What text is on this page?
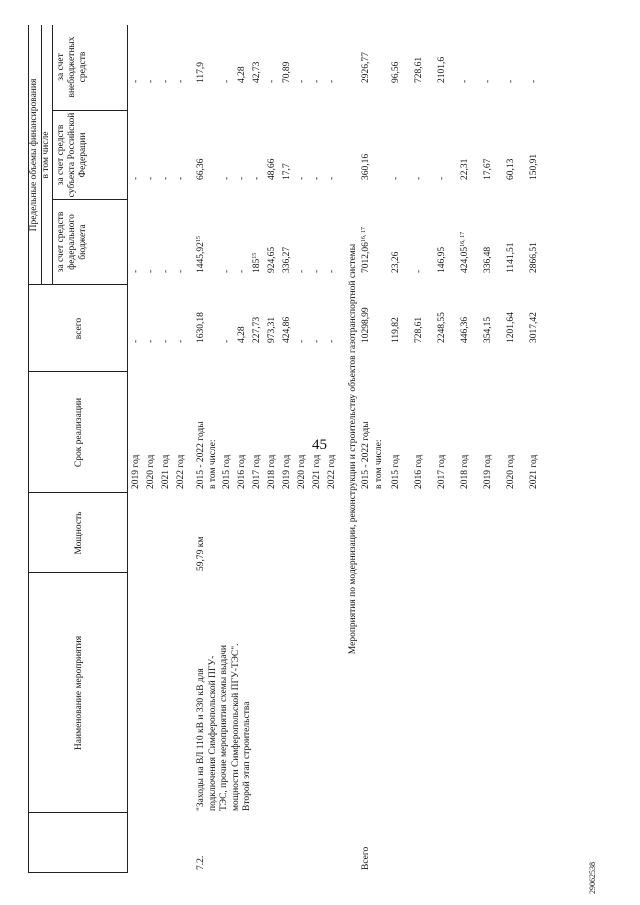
45
29062538
Наименование мероприятия
Мощность
Срок реализации
всего
Предельные объемы финансирования в том числе
за счет средств федерального бюджета
за счет средств субъекта Российской Федерации
за счет внебюджетных средств
2019 год
-
-
-
-
2020 год
-
-
-
-
2021 год
-
-
-
-
2022 год
-
-
-
-
7.2.
"Заходы на ВЛ 110 кВ и 330 кВ для подключения Симферопольской ПГУ- ТЭС, прочие мероприятия схемы выдачи мощности Симферопольской ПГУ-ТЭС". Второй этап строительства
59,79 км
2015 - 2022 годы
1630,18
1445,92$^{15}$
66,36
117,9
в том числе: 2015 год
-
-
-
-
2016 год
4,28
-
-
4,28
2017 год
227,73
$185^{15}$
-
42,73
2018 год
973,31
924,65
48,66
-
2019 год
424,86
336,27
17,7
70,89
2020 год
-
-
-
-
2021 год
-
-
-
-
2022 год
-
-
-
-
Мероприятия по модернизации, реконструкции и строительству объектов газотранспортной системы
Всего
2015 - 2022 годы
10298,99
7012,06$^{16, 17}$
360,16
2926,77
в том числе: 2015 год
119,82
23,26
-
96,56
2016 год
728,61
-
-
728,61
2017 год
2248,55
146,95
-
2101,6
2018 год
446,36
424,05$^{16, 17}$
22,31
-
2019 год
354,15
336,48
17,67
-
2020 год
1201,64
1141,51
60,13
-
2021 год
3017,42
2866,51
150,91
-
